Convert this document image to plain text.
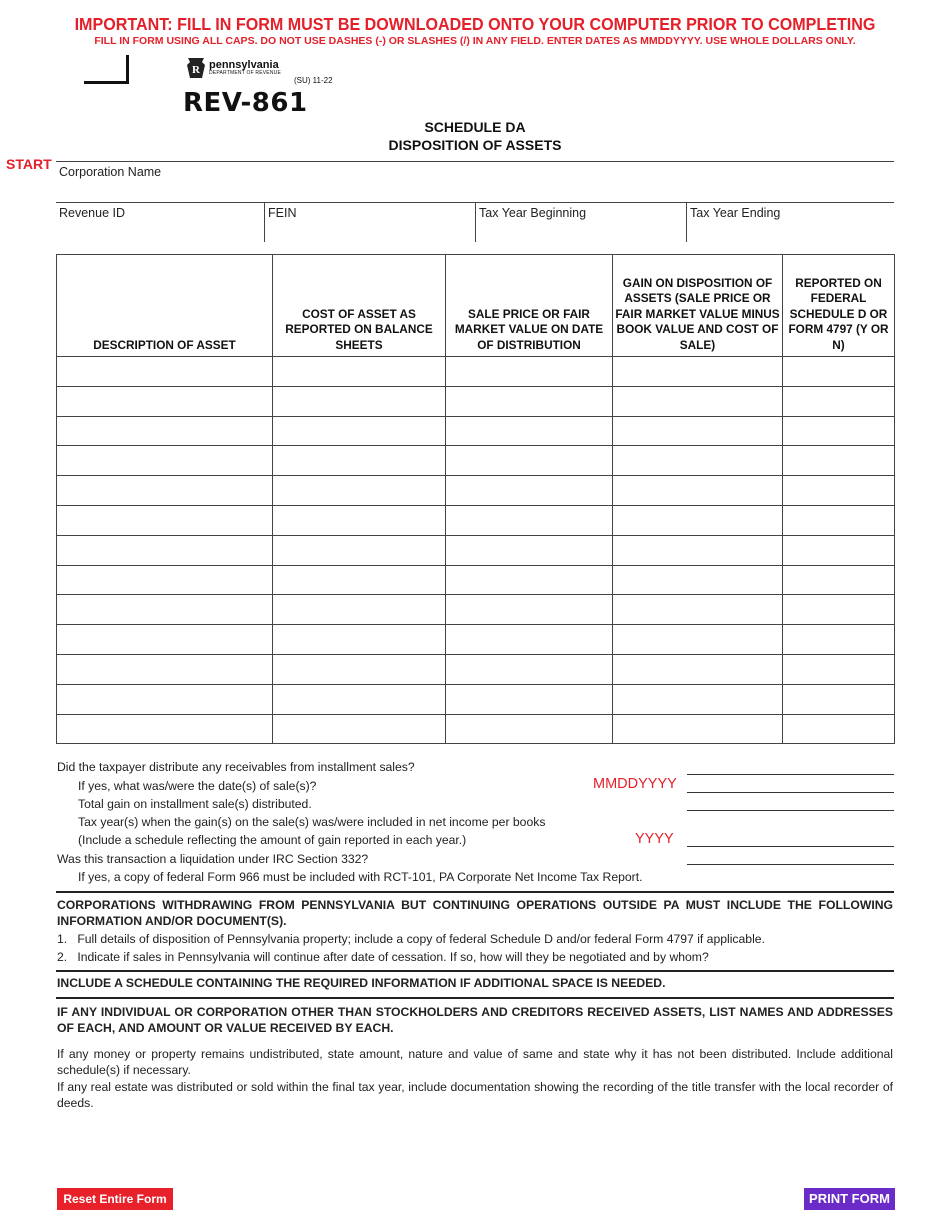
IMPORTANT: FILL IN FORM MUST BE DOWNLOADED ONTO YOUR COMPUTER PRIOR TO COMPLETING
FILL IN FORM USING ALL CAPS. DO NOT USE DASHES (-) OR SLASHES (/) IN ANY FIELD. ENTER DATES AS MMDDYYYY. USE WHOLE DOLLARS ONLY.
R pennsylvania
DEPARTMENT OF REVENUE
(SU) 11-22
REV-861
SCHEDULE DA
DISPOSITION OF ASSETS
START Corporation Name
Revenue ID	FEIN	Tax Year Beginning	Tax Year Ending
DESCRIPTION OF ASSET	COST OF ASSET AS REPORTED ON BALANCE SHEETS	SALE PRICE OR FAIR MARKET VALUE ON DATE OF DISTRIBUTION	GAIN ON DISPOSITION OF ASSETS (SALE PRICE OR FAIR MARKET VALUE MINUS BOOK VALUE AND COST OF SALE)	REPORTED ON FEDERAL SCHEDULE D OR FORM 4797 (Y OR N)

Did the taxpayer distribute any receivables from installment sales?
If yes, what was/were the date(s) of sale(s)?	MMDDYYYY
Total gain on installment sale(s) distributed.
Tax year(s) when the gain(s) on the sale(s) was/were included in net income per books
(Include a schedule reflecting the amount of gain reported in each year.)	YYYY
Was this transaction a liquidation under IRC Section 332?
If yes, a copy of federal Form 966 must be included with RCT-101, PA Corporate Net Income Tax Report.
CORPORATIONS WITHDRAWING FROM PENNSYLVANIA BUT CONTINUING OPERATIONS OUTSIDE PA MUST INCLUDE THE FOLLOWING INFORMATION AND/OR DOCUMENT(S).
1.   Full details of disposition of Pennsylvania property; include a copy of federal Schedule D and/or federal Form 4797 if applicable.
2.   Indicate if sales in Pennsylvania will continue after date of cessation. If so, how will they be negotiated and by whom?
INCLUDE A SCHEDULE CONTAINING THE REQUIRED INFORMATION IF ADDITIONAL SPACE IS NEEDED.
IF ANY INDIVIDUAL OR CORPORATION OTHER THAN STOCKHOLDERS AND CREDITORS RECEIVED ASSETS, LIST NAMES AND ADDRESSES OF EACH, AND AMOUNT OR VALUE RECEIVED BY EACH.
If any money or property remains undistributed, state amount, nature and value of same and state why it has not been distributed. Include additional schedule(s) if necessary.
If any real estate was distributed or sold within the final tax year, include documentation showing the recording of the title transfer with the local recorder of deeds.
Reset Entire Form	PRINT FORM
